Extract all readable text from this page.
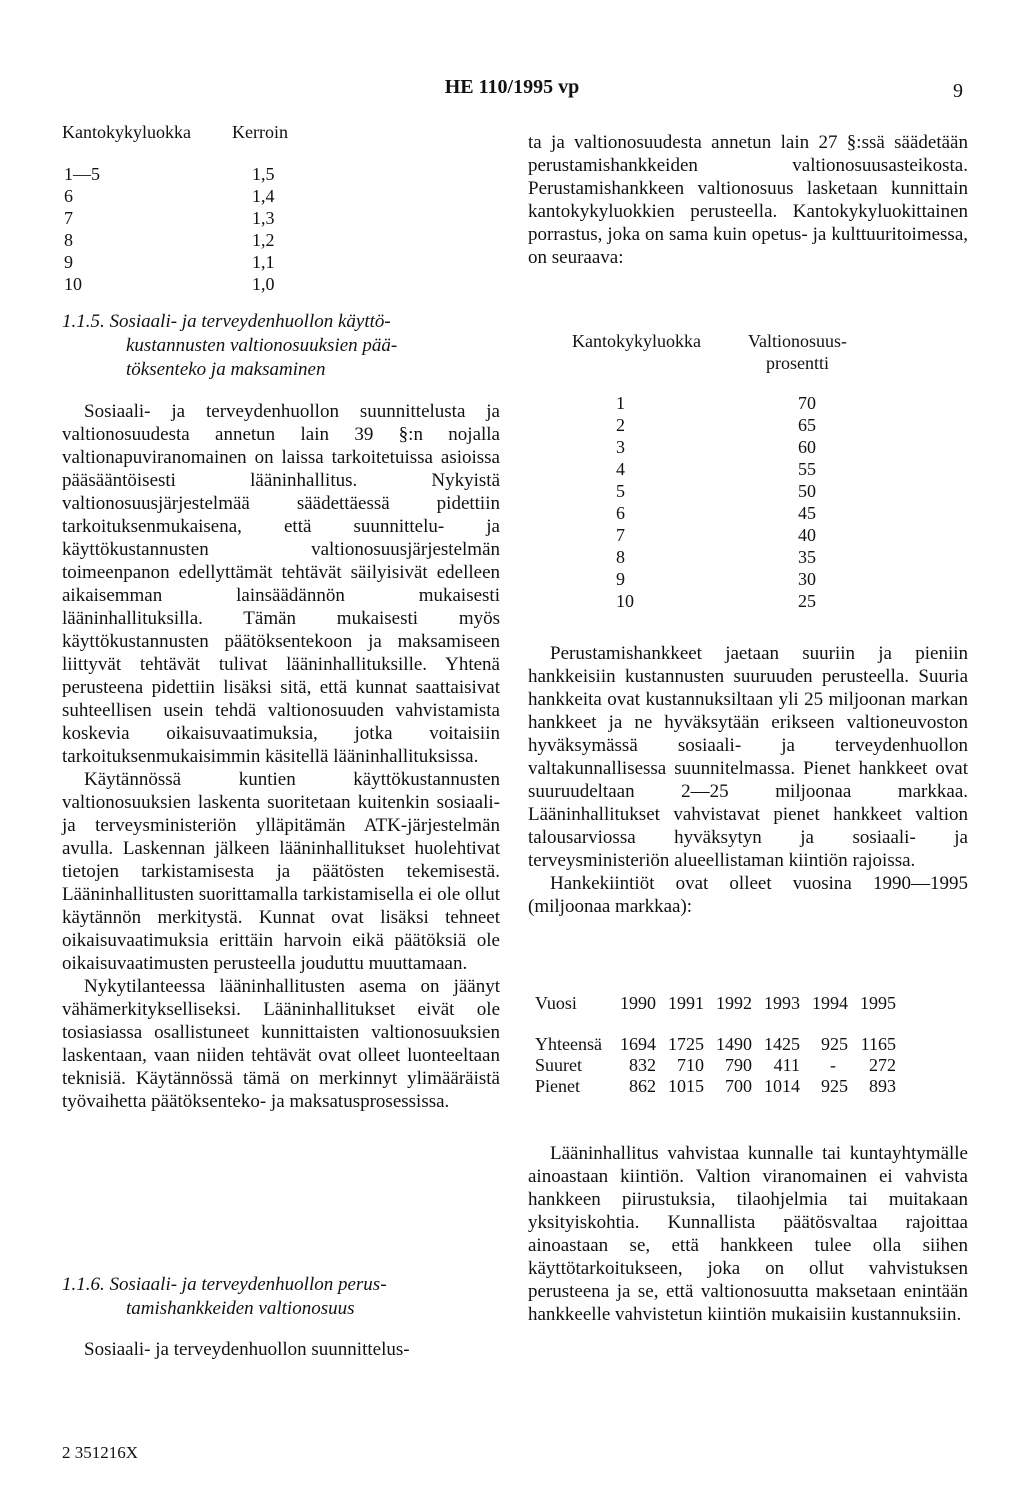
HE 110/1995 vp	9
Kantokykyluokka	Kerroin
1—5	1,5
6	1,4
7	1,3
8	1,2
9	1,1
10	1,0
1.1.5. Sosiaali- ja terveydenhuollon käyttö-
kustannusten valtionosuuksien pää-
töksenteko ja maksaminen

Sosiaali- ja terveydenhuollon suunnittelusta ja valtionosuudesta annetun lain 39 §:n nojalla valtionapuviranomainen on laissa tarkoitetuissa asioissa pääsääntöisesti lääninhallitus. Nykyistä valtionosuusjärjestelmää säädettäessä pidettiin tarkoituksenmukaisena, että suunnittelu- ja käyttökustannusten valtionosuusjärjestelmän toimeenpanon edellyttämät tehtävät säilyisivät edelleen aikaisemman lainsäädännön mukaisesti lääninhallituksilla. Tämän mukaisesti myös käyttökustannusten päätöksentekoon ja maksamiseen liittyvät tehtävät tulivat lääninhallituksille. Yhtenä perusteena pidettiin lisäksi sitä, että kunnat saattaisivat suhteellisen usein tehdä valtionosuuden vahvistamista koskevia oikaisuvaatimuksia, jotka voitaisiin tarkoituksenmukaisimmin käsitellä lääninhallituksissa.

Käytännössä kuntien käyttökustannusten valtionosuuksien laskenta suoritetaan kuitenkin sosiaali- ja terveysministeriön ylläpitämän ATK-järjestelmän avulla. Laskennan jälkeen lääninhallitukset huolehtivat tietojen tarkistamisesta ja päätösten tekemisestä. Lääninhallitusten suorittamalla tarkistamisella ei ole ollut käytännön merkitystä. Kunnat ovat lisäksi tehneet oikaisuvaatimuksia erittäin harvoin eikä päätöksiä ole oikaisuvaatimusten perusteella jouduttu muuttamaan.

Nykytilanteessa lääninhallitusten asema on jäänyt vähämerkitykselliseksi. Lääninhallitukset eivät ole tosiasiassa osallistuneet kunnittaisten valtionosuuksien laskentaan, vaan niiden tehtävät ovat olleet luonteeltaan teknisiä. Käytännössä tämä on merkinnyt ylimääräistä työvaihetta päätöksenteko- ja maksatusprosessissa.

1.1.6. Sosiaali- ja terveydenhuollon perus-
tamishankkeiden valtionosuus

Sosiaali- ja terveydenhuollon suunnittelus-

ta ja valtionosuudesta annetun lain 27 §:ssä säädetään perustamishankkeiden valtionosuusasteikosta. Perustamishankkeen valtionosuus lasketaan kunnittain kantokykyluokkien perusteella. Kantokykyluokittainen porrastus, joka on sama kuin opetus- ja kulttuuritoimessa, on seuraava:

Perustamishankkeet jaetaan suuriin ja pieniin hankkeisiin kustannusten suuruuden perusteella. Suuria hankkeita ovat kustannuksiltaan yli 25 miljoonan markan hankkeet ja ne hyväksytään erikseen valtioneuvoston hyväksymässä sosiaali- ja terveydenhuollon valtakunnallisessa suunnitelmassa. Pienet hankkeet ovat suuruudeltaan 2—25 miljoonaa markkaa. Lääninhallitukset vahvistavat pienet hankkeet valtion talousarviossa hyväksytyn ja sosiaali- ja terveysministeriön alueellistaman kiintiön rajoissa.

Hankekiintiöt ovat olleet vuosina 1990—1995 (miljoonaa markkaa):

Lääninhallitus vahvistaa kunnalle tai kuntayhtymälle ainoastaan kiintiön. Valtion viranomainen ei vahvista hankkeen piirustuksia, tilaohjelmia tai muitakaan yksityiskohtia. Kunnallista päätösvaltaa rajoittaa ainoastaan se, että hankkeen tulee olla siihen käyttötarkoitukseen, joka on ollut vahvistuksen perusteena ja se, että valtionosuutta maksetaan enintään hankkeelle vahvistetun kiintiön mukaisiin kustannuksiin.

Kantokykyluokka	Valtionosuus-
prosentti

1	70
2	65
3	60
4	55
5	50
6	45
7	40
8	35
9	30
10	25
Vuosi	1990	1991	1992	1993	1994	1995

Yhteensä	1694	1725	1490	1425	925	1165
Suuret	832	710	790	411	-	272
Pienet	862	1015	700	1014	925	893
2 351216X
